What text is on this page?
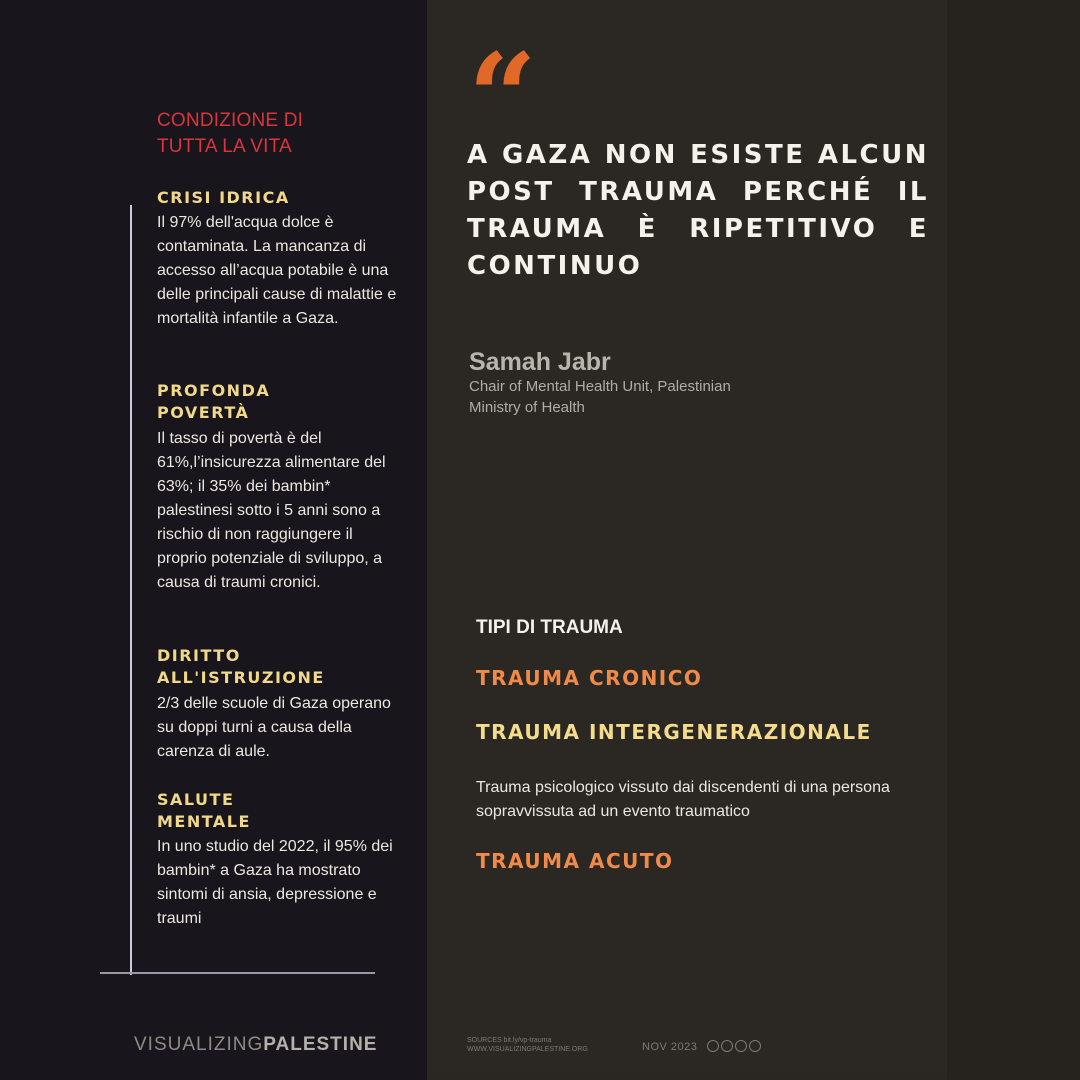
CONDIZIONE DI TUTTA LA VITA
CRISI IDRICA
Il 97% dell'acqua dolce è contaminata. La mancanza di accesso all’acqua potabile è una delle principali cause di malattie e mortalità infantile a Gaza.
PROFONDA POVERTÀ
Il tasso di povertà è del 61%,l’insicurezza alimentare del 63%; il 35% dei bambin* palestinesi sotto i 5 anni sono a rischio di non raggiungere il proprio potenziale di sviluppo, a causa di traumi cronici.
DIRITTO ALL'ISTRUZIONE
2/3 delle scuole di Gaza operano su doppi turni a causa della carenza di aule.
SALUTE MENTALE
In uno studio del 2022, il 95% dei bambin* a Gaza ha mostrato sintomi di ansia, depressione e traumi
“
A GAZA NON ESISTE ALCUN POST TRAUMA PERCHÉ IL TRAUMA È RIPETITIVO E CONTINUO
Samah Jabr
Chair of Mental Health Unit, Palestinian Ministry of Health
TIPI DI TRAUMA
TRAUMA CRONICO
TRAUMA INTERGENERAZIONALE
Trauma psicologico vissuto dai discendenti di una persona sopravvissuta ad un evento traumatico
TRAUMA ACUTO
VISUALIZINGPALESTINE	SOURCES bit.ly/vp-trauma
WWW.VISUALIZINGPALESTINE.ORG	NOV 2023
